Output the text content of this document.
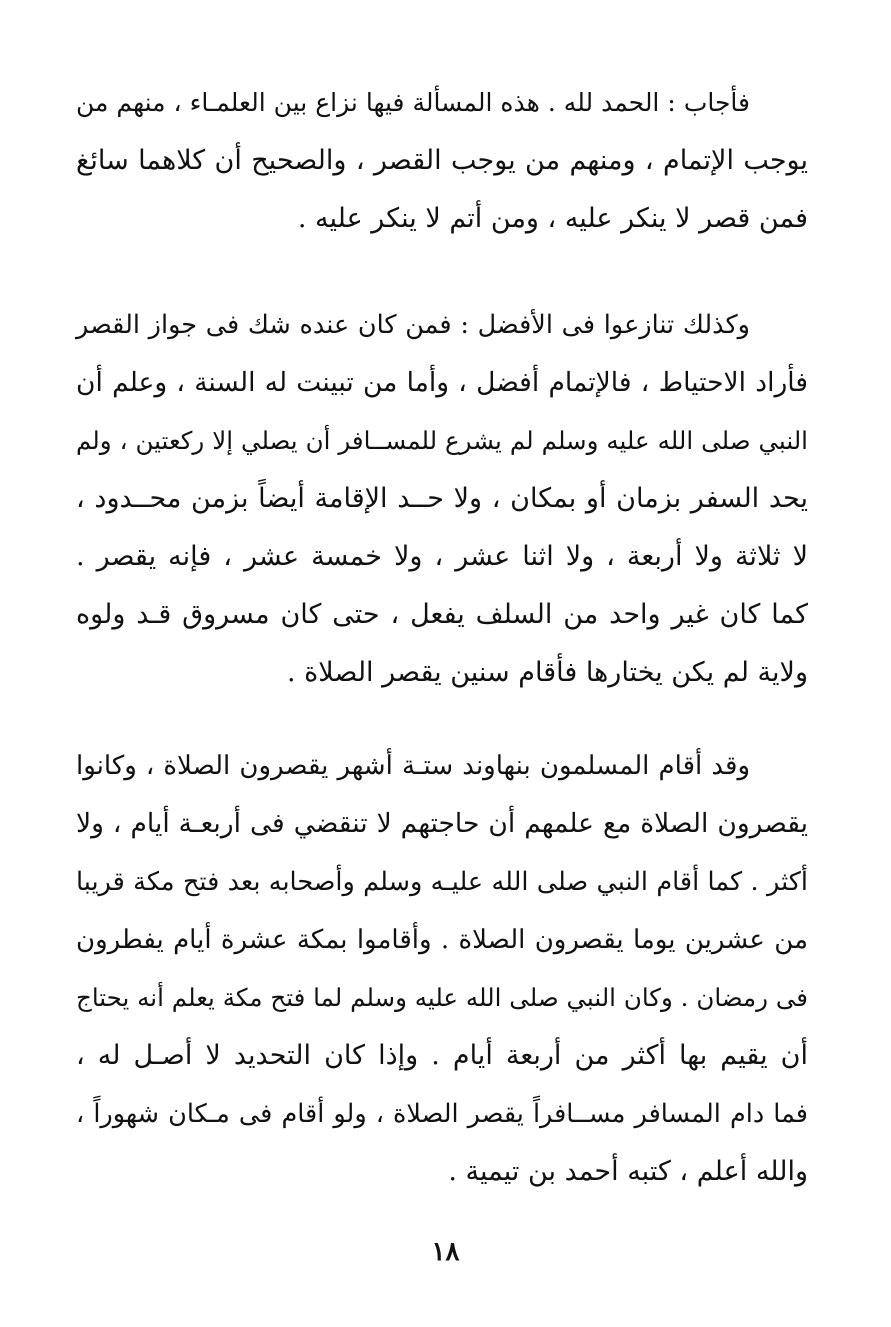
فأجاب : الحمد لله . هذه المسألة فيها نزاع بين العلمـاء ، منهم من
يوجب الإتمام ، ومنهم من يوجب القصر ، والصحيح أن كلاهما سائغ
فمن قصر لا ينكر عليه ، ومن أتم لا ينكر عليه .
وكذلك تنازعوا فى الأفضل : فمن كان عنده شك فى جواز القصر
فأراد الاحتياط ، فالإتمام أفضل ، وأما من تبينت له السنة ، وعلم أن
النبي صلى الله عليه وسلم لم يشرع للمســافر أن يصلي إلا ركعتين ، ولم
يحد السفر بزمان أو بمكان ، ولا حــد الإقامة أيضاً بزمن محــدود ،
لا ثلاثة ولا أربعة ، ولا اثنا عشر ، ولا خمسة عشر ، فإنه يقصر .
كما كان غير واحد من السلف يفعل ، حتى كان مسروق قـد ولوه
ولاية لم يكن يختارها فأقام سنين يقصر الصلاة .
وقد أقام المسلمون بنهاوند ستـة أشهر يقصرون الصلاة ، وكانوا
يقصرون الصلاة مع علمهم أن حاجتهم لا تنقضي فى أربعـة أيام ، ولا
أكثر . كما أقام النبي صلى الله عليـه وسلم وأصحابه بعد فتح مكة قريبا
من عشرين يوما يقصرون الصلاة . وأقاموا بمكة عشرة أيام يفطرون
فى رمضان . وكان النبي صلى الله عليه وسلم لما فتح مكة يعلم أنه يحتاج
أن يقيم بها أكثر من أربعة أيام . وإذا كان التحديد لا أصـل له ،
فما دام المسافر مســافراً يقصر الصلاة ، ولو أقام فى مـكان شهوراً ،
والله أعلم ، كتبه أحمد بن تيمية .
١٨
